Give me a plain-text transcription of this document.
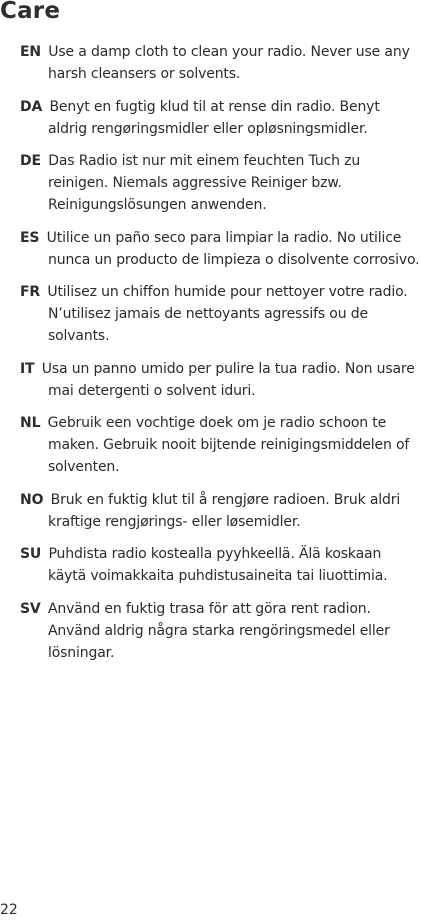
Care

EN Use a damp cloth to clean your radio. Never use any harsh cleansers or solvents.

DA Benyt en fugtig klud til at rense din radio. Benyt aldrig rengøringsmidler eller opløsningsmidler.

DE Das Radio ist nur mit einem feuchten Tuch zu reinigen. Niemals aggressive Reiniger bzw. Reinigungslösungen anwenden.

ES Utilice un paño seco para limpiar la radio. No utilice nunca un producto de limpieza o disolvente corrosivo.

FR Utilisez un chiffon humide pour nettoyer votre radio. N’utilisez jamais de nettoyants agressifs ou de solvants.

IT Usa un panno umido per pulire la tua radio. Non usare mai detergenti o solvent iduri.

NL Gebruik een vochtige doek om je radio schoon te maken. Gebruik nooit bijtende reinigingsmiddelen of solventen.

NO Bruk en fuktig klut til å rengjøre radioen. Bruk aldri kraftige rengjørings- eller løsemidler.

SU Puhdista radio kostealla pyyhkeellä. Älä koskaan käytä voimakkaita puhdistusaineita tai liuottimia.

SV Använd en fuktig trasa för att göra rent radion. Använd aldrig några starka rengöringsmedel eller lösningar.

22
